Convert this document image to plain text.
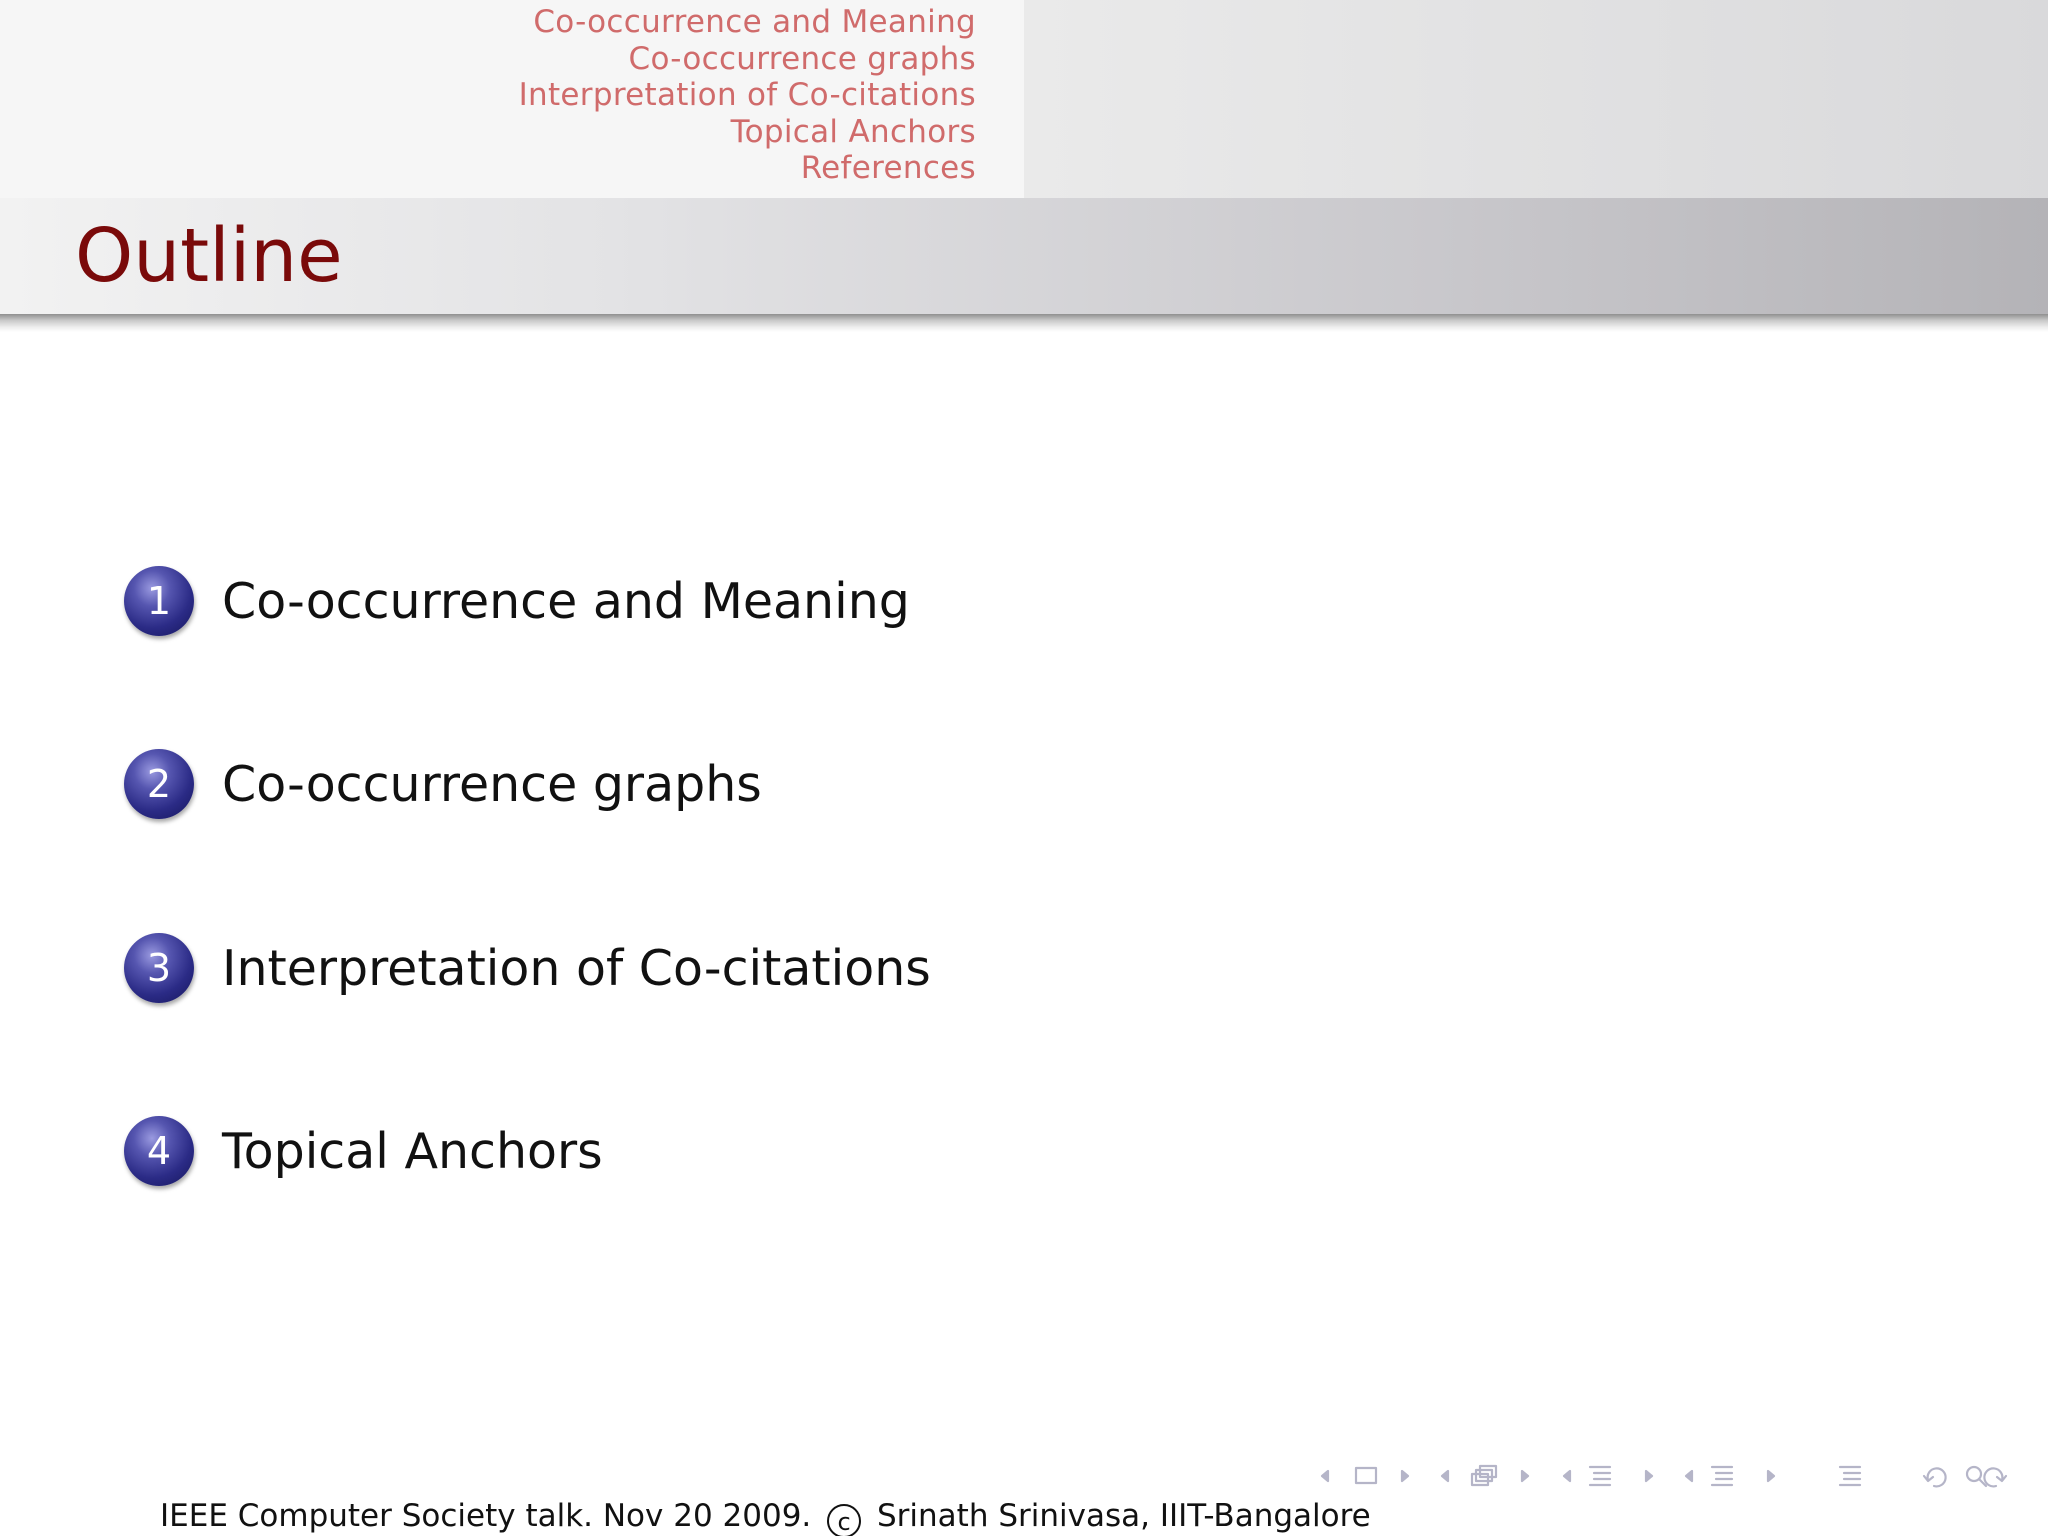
Co-occurrence and Meaning
Co-occurrence graphs
Interpretation of Co-citations
Topical Anchors
References
Outline
1	Co-occurrence and Meaning
2	Co-occurrence graphs
3	Interpretation of Co-citations
4	Topical Anchors
IEEE Computer Society talk. Nov 20 2009. c Srinath Srinivasa, IIIT-Bangalore
